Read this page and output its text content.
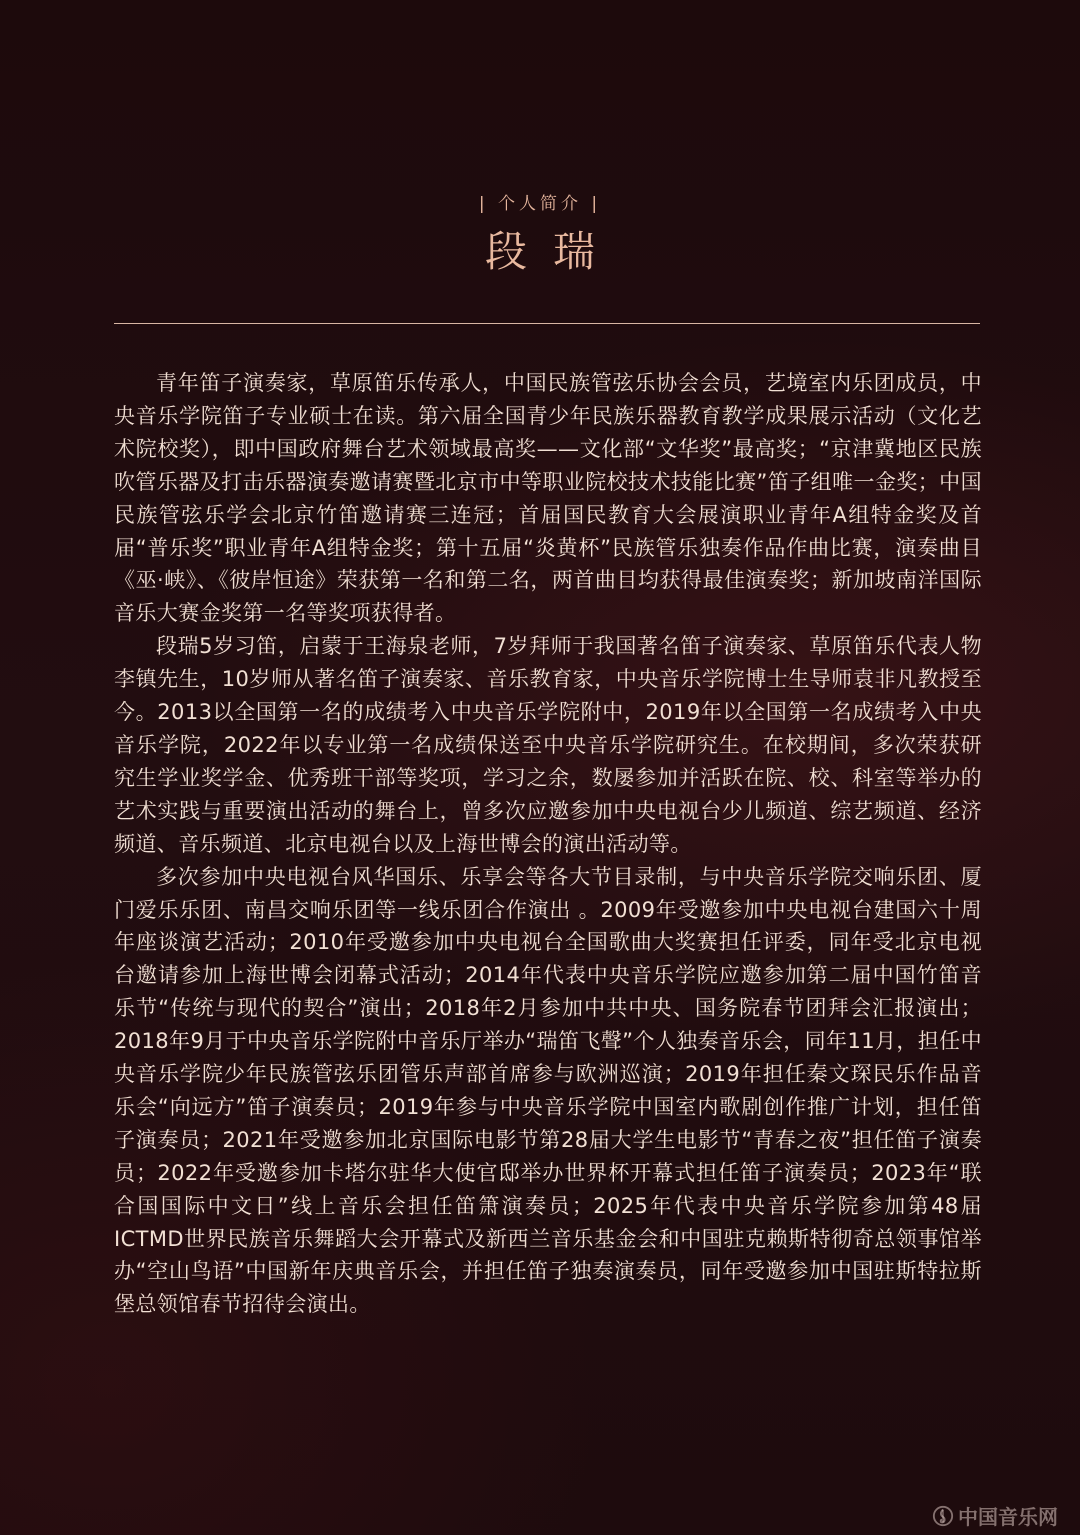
| 个人简介 |
段瑞

青年笛子演奏家，草原笛乐传承人，中国民族管弦乐协会会员，艺境室内乐团成员，中央音乐学院笛子专业硕士在读。第六届全国青少年民族乐器教育教学成果展示活动（文化艺术院校奖），即中国政府舞台艺术领域最高奖——文化部“文华奖”最高奖；“京津冀地区民族吹管乐器及打击乐器演奏邀请赛暨北京市中等职业院校技术技能比赛”笛子组唯一金奖；中国民族管弦乐学会北京竹笛邀请赛三连冠；首届国民教育大会展演职业青年A组特金奖及首届“普乐奖”职业青年A组特金奖；第十五届“炎黄杯”民族管乐独奏作品作曲比赛，演奏曲目《巫·峡》、《彼岸恒途》荣获第一名和第二名，两首曲目均获得最佳演奏奖；新加坡南洋国际音乐大赛金奖第一名等奖项获得者。

段瑞5岁习笛，启蒙于王海泉老师，7岁拜师于我国著名笛子演奏家、草原笛乐代表人物李镇先生，10岁师从著名笛子演奏家、音乐教育家，中央音乐学院博士生导师袁非凡教授至今。2013以全国第一名的成绩考入中央音乐学院附中，2019年以全国第一名成绩考入中央音乐学院，2022年以专业第一名成绩保送至中央音乐学院研究生。在校期间，多次荣获研究生学业奖学金、优秀班干部等奖项，学习之余，数屡参加并活跃在院、校、科室等举办的艺术实践与重要演出活动的舞台上，曾多次应邀参加中央电视台少儿频道、综艺频道、经济频道、音乐频道、北京电视台以及上海世博会的演出活动等。

多次参加中央电视台风华国乐、乐享会等各大节目录制，与中央音乐学院交响乐团、厦门爱乐乐团、南昌交响乐团等一线乐团合作演出 。2009年受邀参加中央电视台建国六十周年座谈演艺活动；2010年受邀参加中央电视台全国歌曲大奖赛担任评委，同年受北京电视台邀请参加上海世博会闭幕式活动；2014年代表中央音乐学院应邀参加第二届中国竹笛音乐节“传统与现代的契合”演出；2018年2月参加中共中央、国务院春节团拜会汇报演出；2018年9月于中央音乐学院附中音乐厅举办“瑞笛飞聲”个人独奏音乐会，同年11月，担任中央音乐学院少年民族管弦乐团管乐声部首席参与欧洲巡演；2019年担任秦文琛民乐作品音乐会“向远方”笛子演奏员；2019年参与中央音乐学院中国室内歌剧创作推广计划，担任笛子演奏员；2021年受邀参加北京国际电影节第28届大学生电影节“青春之夜”担任笛子演奏员；2022年受邀参加卡塔尔驻华大使官邸举办世界杯开幕式担任笛子演奏员；2023年“联合国国际中文日”线上音乐会担任笛箫演奏员；2025年代表中央音乐学院参加第48届ICTMD世界民族音乐舞蹈大会开幕式及新西兰音乐基金会和中国驻克赖斯特彻奇总领事馆举办“空山鸟语”中国新年庆典音乐会，并担任笛子独奏演奏员，同年受邀参加中国驻斯特拉斯堡总领馆春节招待会演出。

中国音乐网
